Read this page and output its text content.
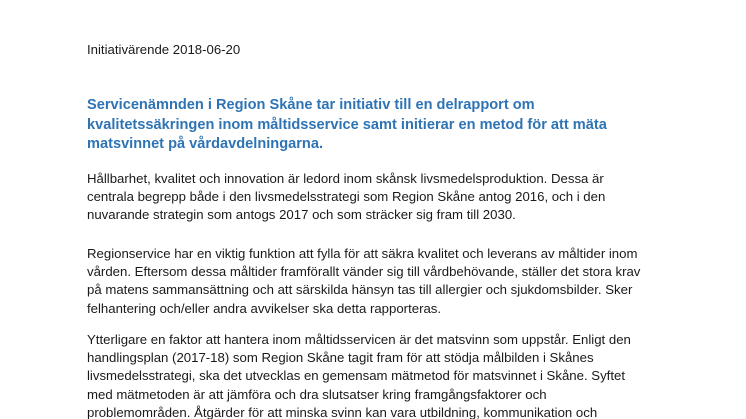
Initiativärende 2018-06-20

Servicenämnden i Region Skåne tar initiativ till en delrapport om
kvalitetssäkringen inom måltidsservice samt initierar en metod för att mäta
matsvinnet på vårdavdelningarna.

Hållbarhet, kvalitet och innovation är ledord inom skånsk livsmedelsproduktion. Dessa är
centrala begrepp både i den livsmedelsstrategi som Region Skåne antog 2016, och i den
nuvarande strategin som antogs 2017 och som sträcker sig fram till 2030.

Regionservice har en viktig funktion att fylla för att säkra kvalitet och leverans av måltider inom
vården. Eftersom dessa måltider framförallt vänder sig till vårdbehövande, ställer det stora krav
på matens sammansättning och att särskilda hänsyn tas till allergier och sjukdomsbilder. Sker
felhantering och/eller andra avvikelser ska detta rapporteras.

Ytterligare en faktor att hantera inom måltidsservicen är det matsvinn som uppstår. Enligt den
handlingsplan (2017-18) som Region Skåne tagit fram för att stödja målbilden i Skånes
livsmedelsstrategi, ska det utvecklas en gemensam mätmetod för matsvinnet i Skåne. Syftet
med mätmetoden är att jämföra och dra slutsatser kring framgångsfaktorer och
problemområden. Åtgärder för att minska svinn kan vara utbildning, kommunikation och
